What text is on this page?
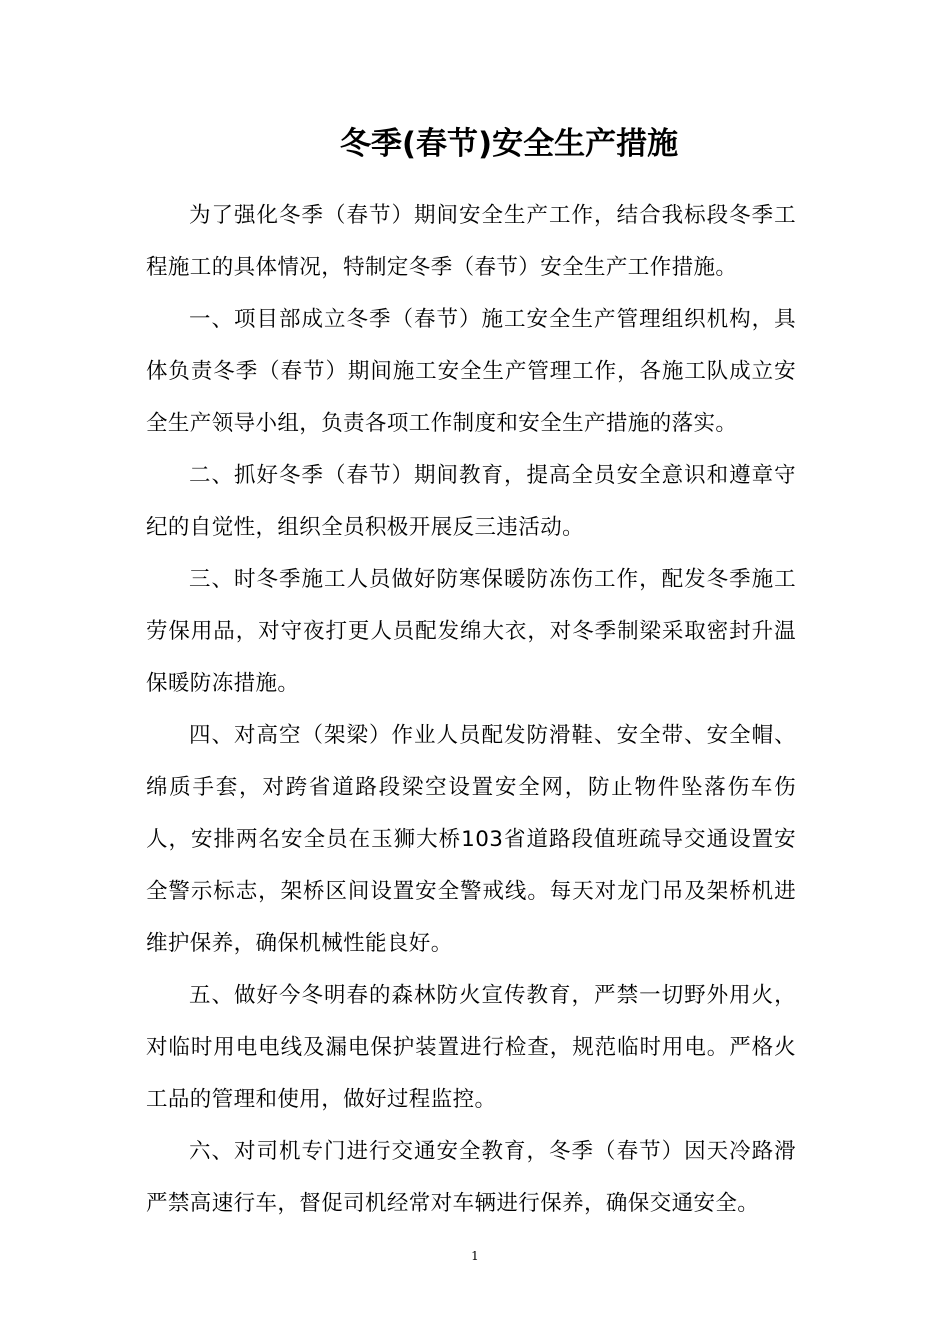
冬季(春节)安全生产措施

为了强化冬季（春节）期间安全生产工作，结合我标段冬季工程施工的具体情况，特制定冬季（春节）安全生产工作措施。

一、项目部成立冬季（春节）施工安全生产管理组织机构，具体负责冬季（春节）期间施工安全生产管理工作，各施工队成立安全生产领导小组，负责各项工作制度和安全生产措施的落实。

二、抓好冬季（春节）期间教育，提高全员安全意识和遵章守纪的自觉性，组织全员积极开展反三违活动。

三、时冬季施工人员做好防寒保暖防冻伤工作，配发冬季施工劳保用品，对守夜打更人员配发绵大衣，对冬季制梁采取密封升温保暖防冻措施。

四、对高空（架梁）作业人员配发防滑鞋、安全带、安全帽、绵质手套，对跨省道路段梁空设置安全网，防止物件坠落伤车伤人，安排两名安全员在玉狮大桥103省道路段值班疏导交通设置安全警示标志，架桥区间设置安全警戒线。每天对龙门吊及架桥机进维护保养，确保机械性能良好。

五、做好今冬明春的森林防火宣传教育，严禁一切野外用火，对临时用电电线及漏电保护装置进行检查，规范临时用电。严格火工品的管理和使用，做好过程监控。

六、对司机专门进行交通安全教育，冬季（春节）因天冷路滑严禁高速行车，督促司机经常对车辆进行保养，确保交通安全。

1
